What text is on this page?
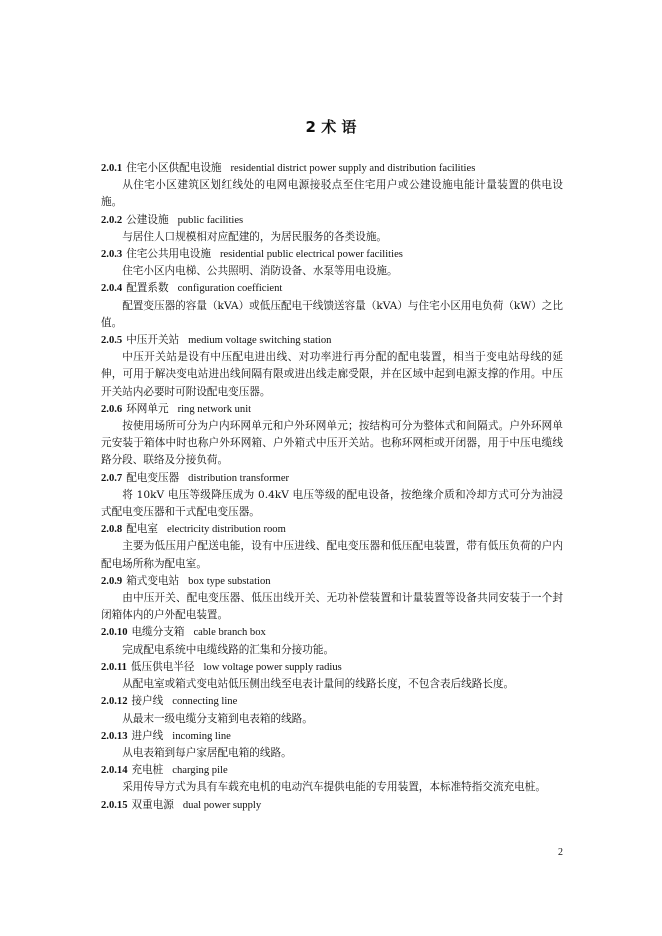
2 术 语

2.0.1 住宅小区供配电设施 residential district power supply and distribution facilities

从住宅小区建筑区划红线处的电网电源接驳点至住宅用户或公建设施电能计量装置的供电设施。

2.0.2 公建设施 public facilities

与居住人口规模相对应配建的，为居民服务的各类设施。

2.0.3 住宅公共用电设施 residential public electrical power facilities

住宅小区内电梯、公共照明、消防设备、水泵等用电设施。

2.0.4 配置系数 configuration coefficient

配置变压器的容量（kVA）或低压配电干线馈送容量（kVA）与住宅小区用电负荷（kW）之比值。

2.0.5 中压开关站 medium voltage switching station

中压开关站是设有中压配电进出线、对功率进行再分配的配电装置，相当于变电站母线的延伸，可用于解决变电站进出线间隔有限或进出线走廊受限，并在区域中起到电源支撑的作用。中压开关站内必要时可附设配电变压器。

2.0.6 环网单元 ring network unit

按使用场所可分为户内环网单元和户外环网单元；按结构可分为整体式和间隔式。户外环网单元安装于箱体中时也称户外环网箱、户外箱式中压开关站。也称环网柜或开闭器，用于中压电缆线路分段、联络及分接负荷。

2.0.7 配电变压器 distribution transformer

将 10kV 电压等级降压成为 0.4kV 电压等级的配电设备，按绝缘介质和冷却方式可分为油浸式配电变压器和干式配电变压器。

2.0.8 配电室 electricity distribution room

主要为低压用户配送电能，设有中压进线、配电变压器和低压配电装置，带有低压负荷的户内配电场所称为配电室。

2.0.9 箱式变电站 box type substation

由中压开关、配电变压器、低压出线开关、无功补偿装置和计量装置等设备共同安装于一个封闭箱体内的户外配电装置。

2.0.10 电缆分支箱 cable branch box

完成配电系统中电缆线路的汇集和分接功能。

2.0.11 低压供电半径 low voltage power supply radius

从配电室或箱式变电站低压侧出线至电表计量间的线路长度，不包含表后线路长度。

2.0.12 接户线 connecting line

从最末一级电缆分支箱到电表箱的线路。

2.0.13 进户线 incoming line

从电表箱到每户家居配电箱的线路。

2.0.14 充电桩 charging pile

采用传导方式为具有车载充电机的电动汽车提供电能的专用装置，本标准特指交流充电桩。

2.0.15 双重电源 dual power supply

2
